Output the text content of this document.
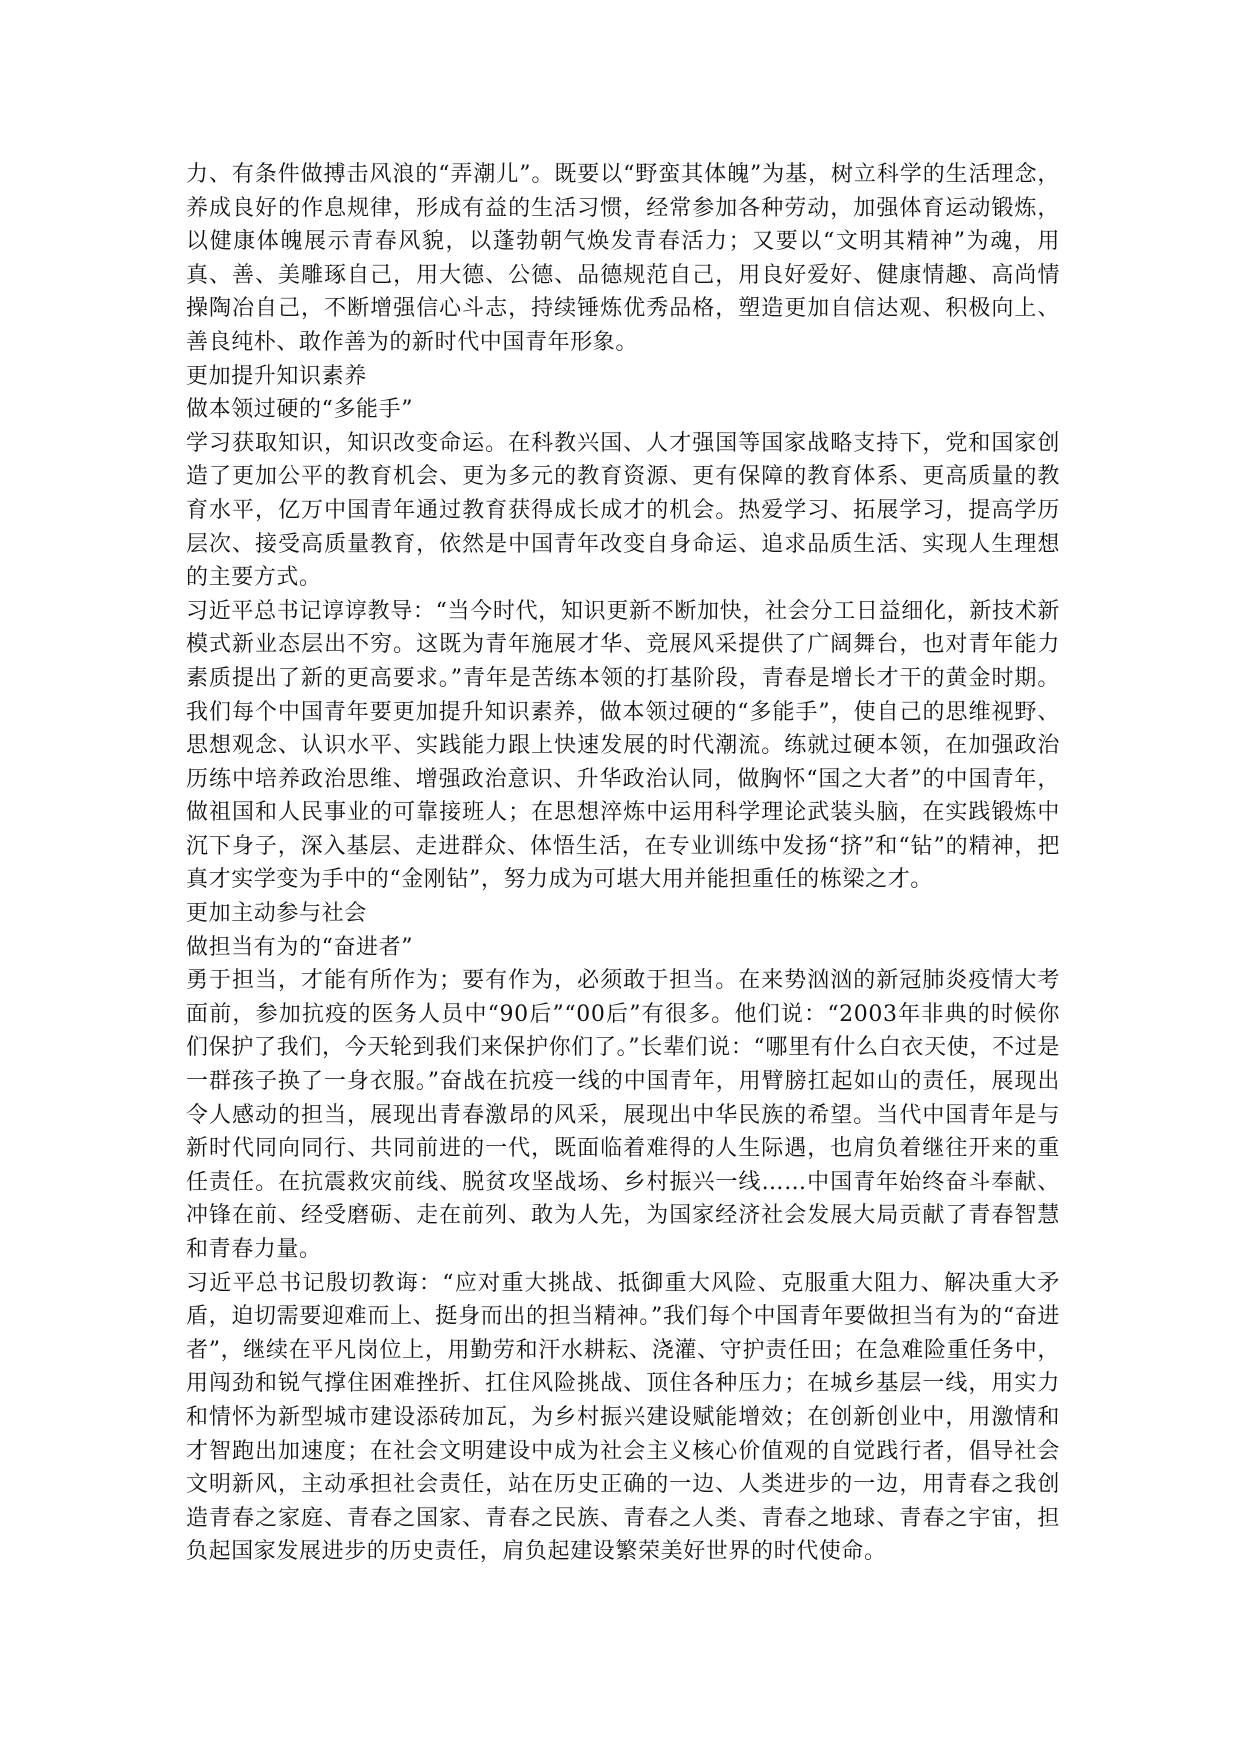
力、有条件做搏击风浪的“弄潮儿”。既要以“野蛮其体魄”为基，树立科学的生活理念，养成良好的作息规律，形成有益的生活习惯，经常参加各种劳动，加强体育运动锻炼，以健康体魄展示青春风貌，以蓬勃朝气焕发青春活力；又要以“文明其精神”为魂，用真、善、美雕琢自己，用大德、公德、品德规范自己，用良好爱好、健康情趣、高尚情操陶冶自己，不断增强信心斗志，持续锤炼优秀品格，塑造更加自信达观、积极向上、善良纯朴、敢作善为的新时代中国青年形象。

更加提升知识素养

做本领过硬的“多能手”

学习获取知识，知识改变命运。在科教兴国、人才强国等国家战略支持下，党和国家创造了更加公平的教育机会、更为多元的教育资源、更有保障的教育体系、更高质量的教育水平，亿万中国青年通过教育获得成长成才的机会。热爱学习、拓展学习，提高学历层次、接受高质量教育，依然是中国青年改变自身命运、追求品质生活、实现人生理想的主要方式。

习近平总书记谆谆教导：“当今时代，知识更新不断加快，社会分工日益细化，新技术新模式新业态层出不穷。这既为青年施展才华、竞展风采提供了广阔舞台，也对青年能力素质提出了新的更高要求。”青年是苦练本领的打基阶段，青春是增长才干的黄金时期。我们每个中国青年要更加提升知识素养，做本领过硬的“多能手”，使自己的思维视野、思想观念、认识水平、实践能力跟上快速发展的时代潮流。练就过硬本领，在加强政治历练中培养政治思维、增强政治意识、升华政治认同，做胸怀“国之大者”的中国青年，做祖国和人民事业的可靠接班人；在思想淬炼中运用科学理论武装头脑，在实践锻炼中沉下身子，深入基层、走进群众、体悟生活，在专业训练中发扬“挤”和“钻”的精神，把真才实学变为手中的“金刚钻”，努力成为可堪大用并能担重任的栋梁之才。

更加主动参与社会

做担当有为的“奋进者”

勇于担当，才能有所作为；要有作为，必须敢于担当。在来势汹汹的新冠肺炎疫情大考面前，参加抗疫的医务人员中“90后”“00后”有很多。他们说：“2003年非典的时候你们保护了我们，今天轮到我们来保护你们了。”长辈们说：“哪里有什么白衣天使，不过是一群孩子换了一身衣服。”奋战在抗疫一线的中国青年，用臂膀扛起如山的责任，展现出令人感动的担当，展现出青春激昂的风采，展现出中华民族的希望。当代中国青年是与新时代同向同行、共同前进的一代，既面临着难得的人生际遇，也肩负着继往开来的重任责任。在抗震救灾前线、脱贫攻坚战场、乡村振兴一线……中国青年始终奋斗奉献、冲锋在前、经受磨砺、走在前列、敢为人先，为国家经济社会发展大局贡献了青春智慧和青春力量。

习近平总书记殷切教诲：“应对重大挑战、抵御重大风险、克服重大阻力、解决重大矛盾，迫切需要迎难而上、挺身而出的担当精神。”我们每个中国青年要做担当有为的“奋进者”，继续在平凡岗位上，用勤劳和汗水耕耘、浇灌、守护责任田；在急难险重任务中，用闯劲和锐气撑住困难挫折、扛住风险挑战、顶住各种压力；在城乡基层一线，用实力和情怀为新型城市建设添砖加瓦，为乡村振兴建设赋能增效；在创新创业中，用激情和才智跑出加速度；在社会文明建设中成为社会主义核心价值观的自觉践行者，倡导社会文明新风，主动承担社会责任，站在历史正确的一边、人类进步的一边，用青春之我创造青春之家庭、青春之国家、青春之民族、青春之人类、青春之地球、青春之宇宙，担负起国家发展进步的历史责任，肩负起建设繁荣美好世界的时代使命。
